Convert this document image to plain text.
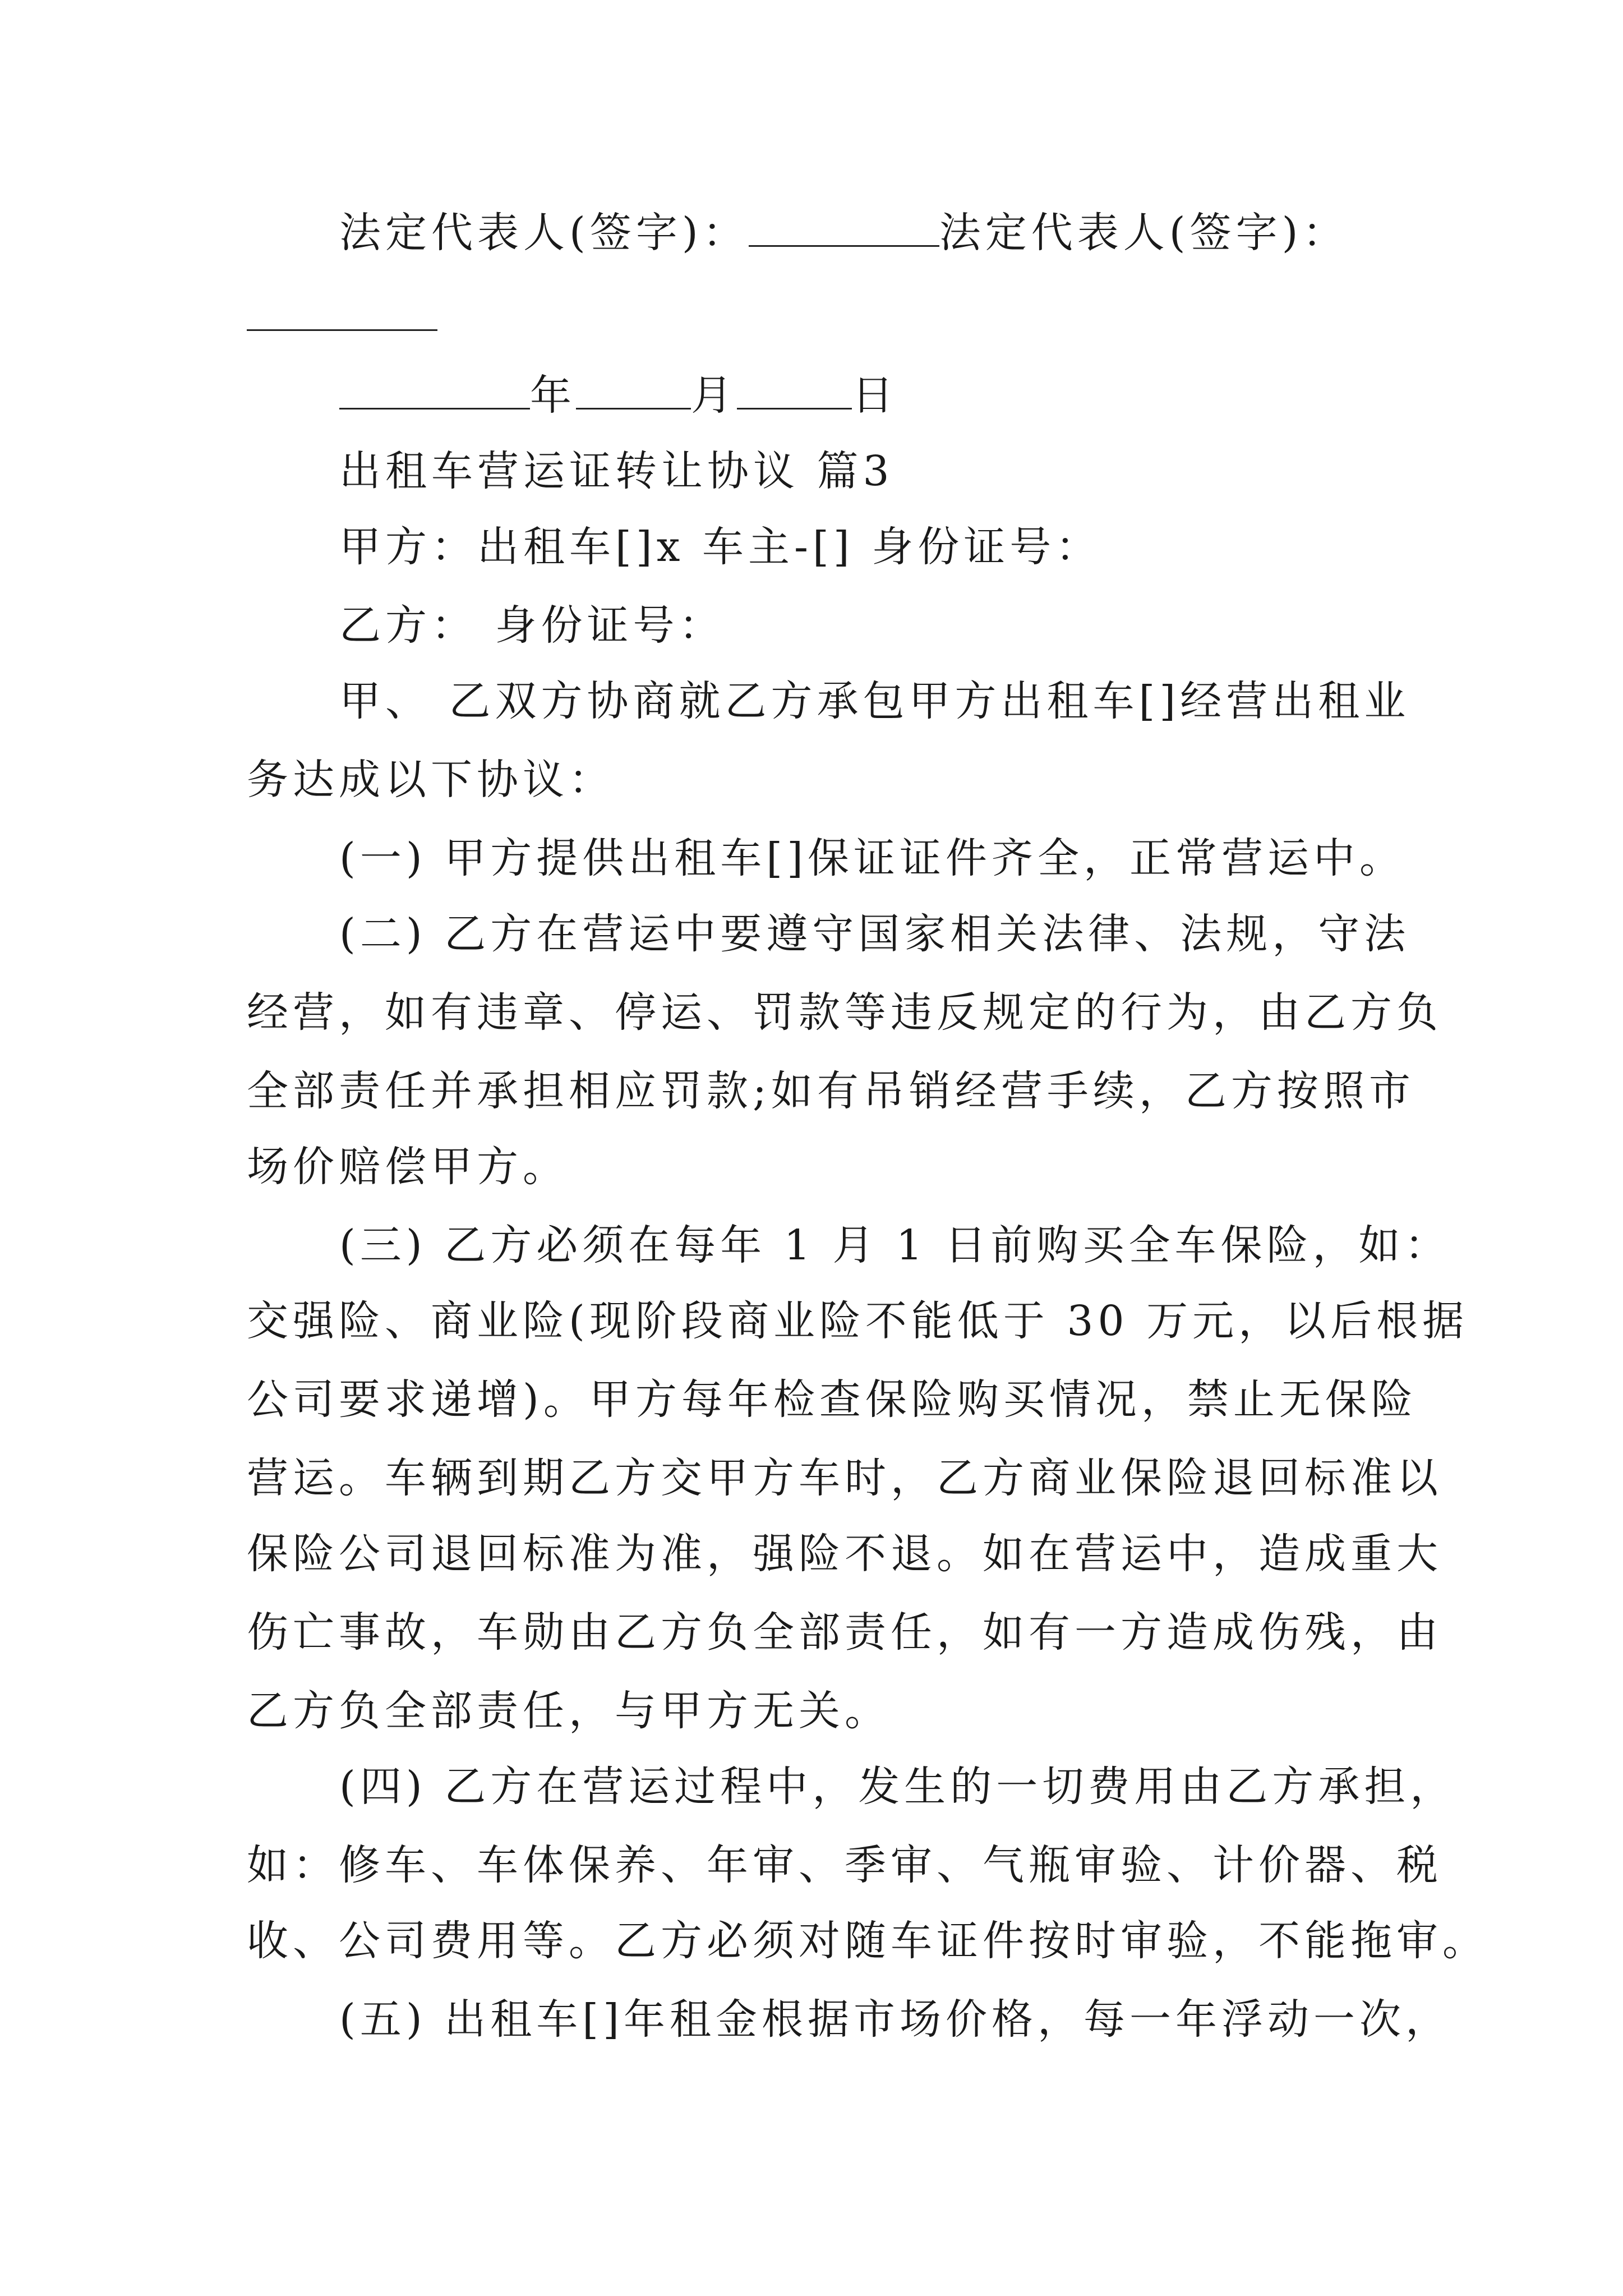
法定代表人(签字)：	法定代表人(签字)：
年	月	日
出租车营运证转让协议 篇3
甲方：出租车[]x 车主-[] 身份证号：
乙方： 身份证号：
甲、 乙双方协商就乙方承包甲方出租车[]经营出租业
务达成以下协议：
(一) 甲方提供出租车[]保证证件齐全，正常营运中。
(二) 乙方在营运中要遵守国家相关法律、法规，守法
经营，如有违章、停运、罚款等违反规定的行为，由乙方负
全部责任并承担相应罚款;如有吊销经营手续，乙方按照市
场价赔偿甲方。
(三) 乙方必须在每年 1 月 1 日前购买全车保险，如：
交强险、商业险(现阶段商业险不能低于 30 万元，以后根据
公司要求递增)。甲方每年检查保险购买情况，禁止无保险
营运。车辆到期乙方交甲方车时，乙方商业保险退回标准以
保险公司退回标准为准，强险不退。如在营运中，造成重大
伤亡事故，车勋由乙方负全部责任，如有一方造成伤残，由
乙方负全部责任，与甲方无关。
(四) 乙方在营运过程中，发生的一切费用由乙方承担，
如：修车、车体保养、年审、季审、气瓶审验、计价器、税
收、公司费用等。乙方必须对随车证件按时审验，不能拖审。
(五) 出租车[]年租金根据市场价格，每一年浮动一次，
